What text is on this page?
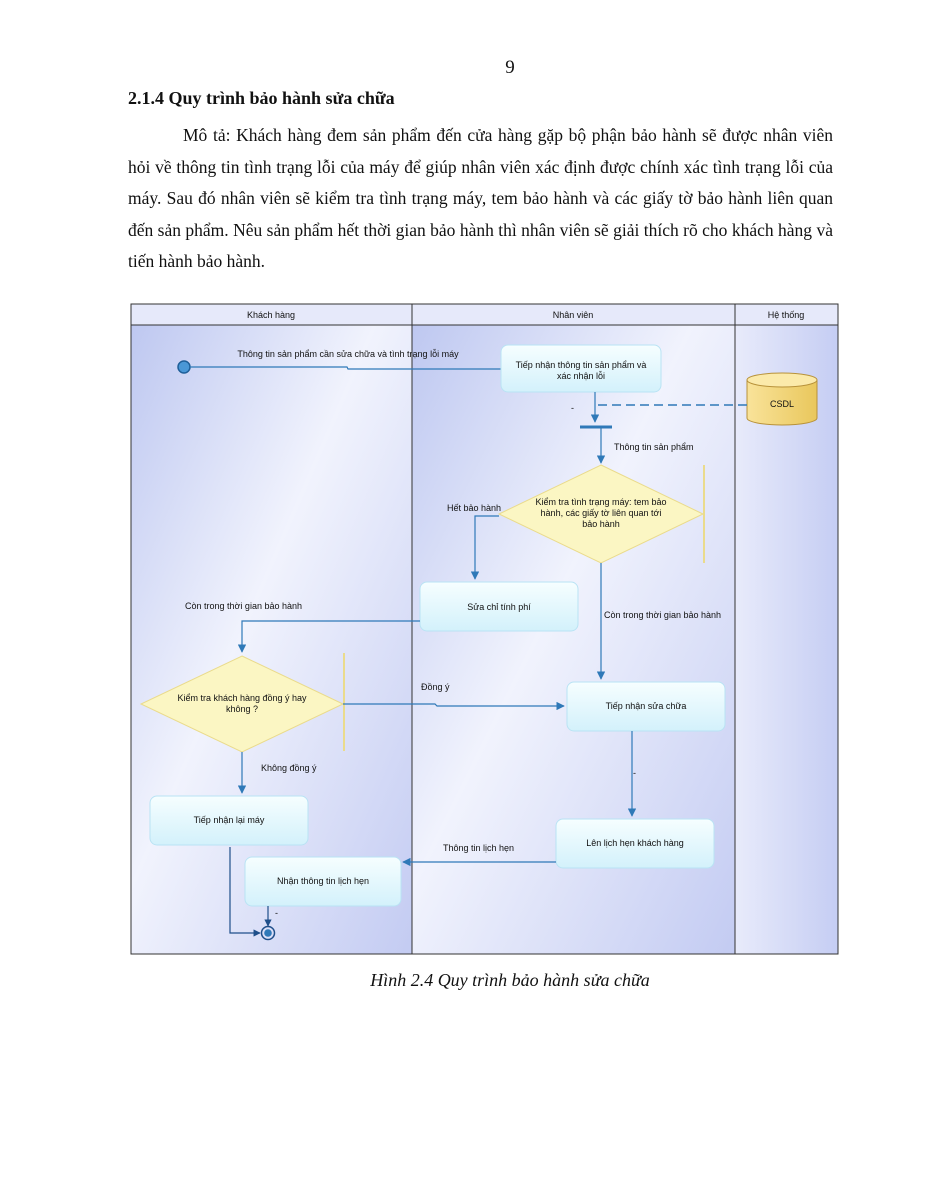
9
2.1.4 Quy trình bảo hành sửa chữa
Mô tả: Khách hàng đem sản phẩm đến cửa hàng gặp bộ phận bảo hành sẽ được nhân viên hỏi về thông tin tình trạng lỗi của máy để giúp nhân viên xác định được chính xác tình trạng lỗi của máy. Sau đó nhân viên sẽ kiểm tra tình trạng máy, tem bảo hành và các giấy tờ bảo hành liên quan đến sản phẩm. Nêu sản phẩm hết thời gian bảo hành thì nhân viên sẽ giải thích rõ cho khách hàng và tiến hành bảo hành.
Khách hàng	Nhân viên	Hệ thống
Thông tin sản phẩm cần sửa chữa và tình trạng lỗi máy
Tiếp nhận thông tin sản phẩm và
xác nhận lỗi
CSDL
-
Thông tin sản phẩm
Kiểm tra tình trạng máy: tem bảo
hành, các giấy tờ liên quan tới
bảo hành
Hết bảo hành
Sửa chỉ tính phí
Còn trong thời gian bảo hành
Còn trong thời gian bảo hành
Kiểm tra khách hàng đồng ý hay
không ?
Đồng ý
Tiếp nhận sửa chữa
Không đồng ý
Tiếp nhận lại máy
-
Lên lịch hẹn khách hàng
Thông tin lịch hẹn
Nhận thông tin lịch hẹn
-
Hình 2.4 Quy trình bảo hành sửa chữa
